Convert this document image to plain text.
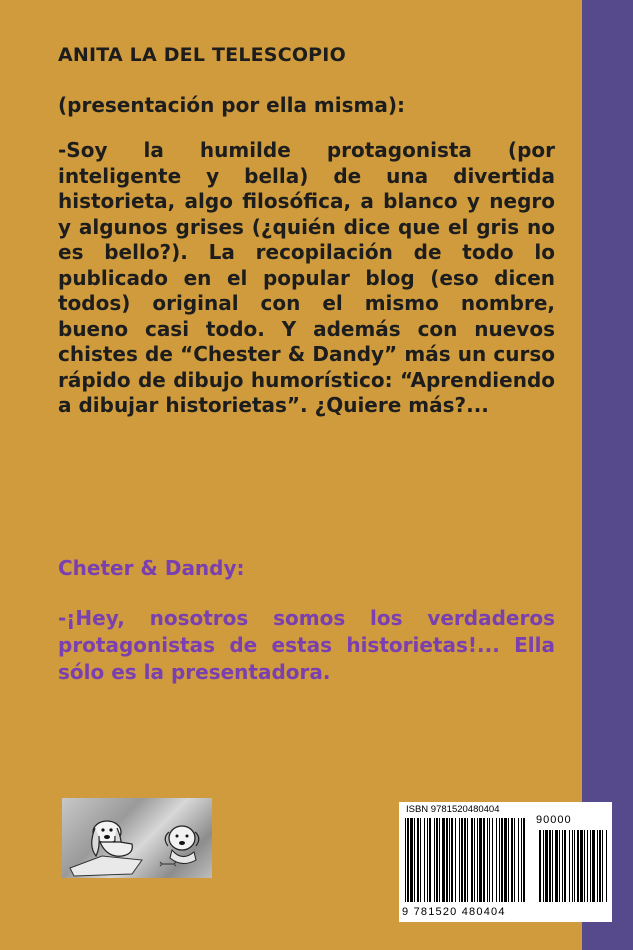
ANITA LA DEL TELESCOPIO
(presentación por ella misma):
-Soy la humilde protagonista (por inteligente y bella) de una divertida historieta, algo filosófica, a blanco y negro y algunos grises (¿quién dice que el gris no es bello?). La recopilación de todo lo publicado en el popular blog (eso dicen todos) original con el mismo nombre, bueno casi todo. Y además con nuevos chistes de “Chester & Dandy” más un curso rápido de dibujo humorístico: “Aprendiendo a dibujar historietas”. ¿Quiere más?...
Cheter & Dandy:
-¡Hey, nosotros somos los verdaderos protagonistas de estas historietas!... Ella sólo es la presentadora.
ISBN 9781520480404
90000
9 781520 480404
